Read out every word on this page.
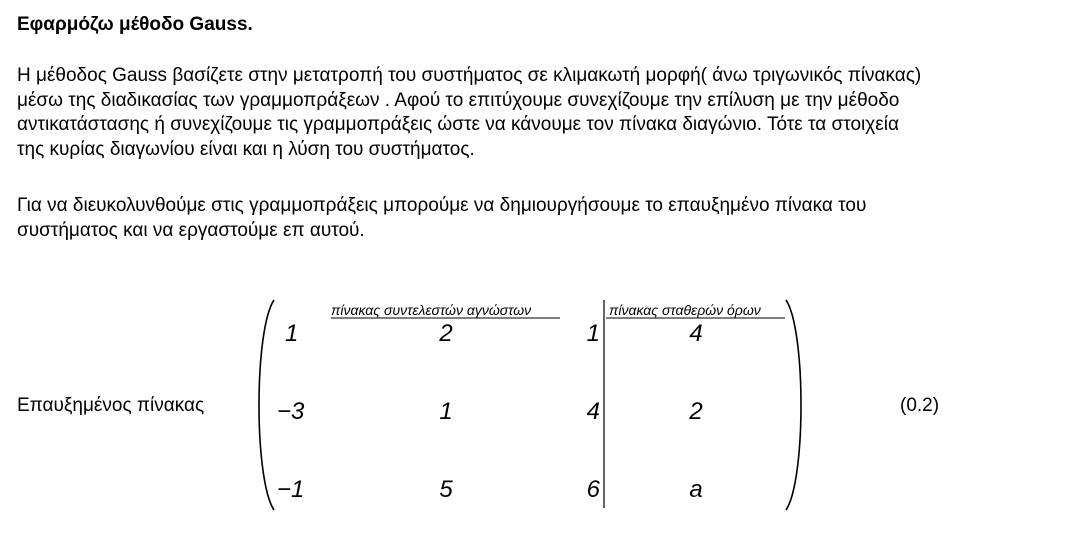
Εφαρμόζω μέθοδο Gauss.

Η μέθοδος Gauss βασίζετε στην μετατροπή του συστήματος σε κλιμακωτή μορφή( άνω τριγωνικός πίνακας)
μέσω της διαδικασίας των γραμμοπράξεων . Αφού το επιτύχουμε συνεχίζουμε την επίλυση με την μέθοδο
αντικατάστασης ή συνεχίζουμε τις γραμμοπράξεις ώστε να κάνουμε τον πίνακα διαγώνιο. Τότε τα στοιχεία
της κυρίας διαγωνίου είναι και η λύση του συστήματος.

Για να διευκολυνθούμε στις γραμμοπράξεις μπορούμε να δημιουργήσουμε το επαυξημένο πίνακα του
συστήματος και να εργαστούμε επ αυτού.

Επαυξημένος πίνακας
πίνακας συντελεστών αγνώστων	πίνακας σταθερών όρων
1	2	1	4
−3	1	4	2
−1	5	6	a
(0.2)
